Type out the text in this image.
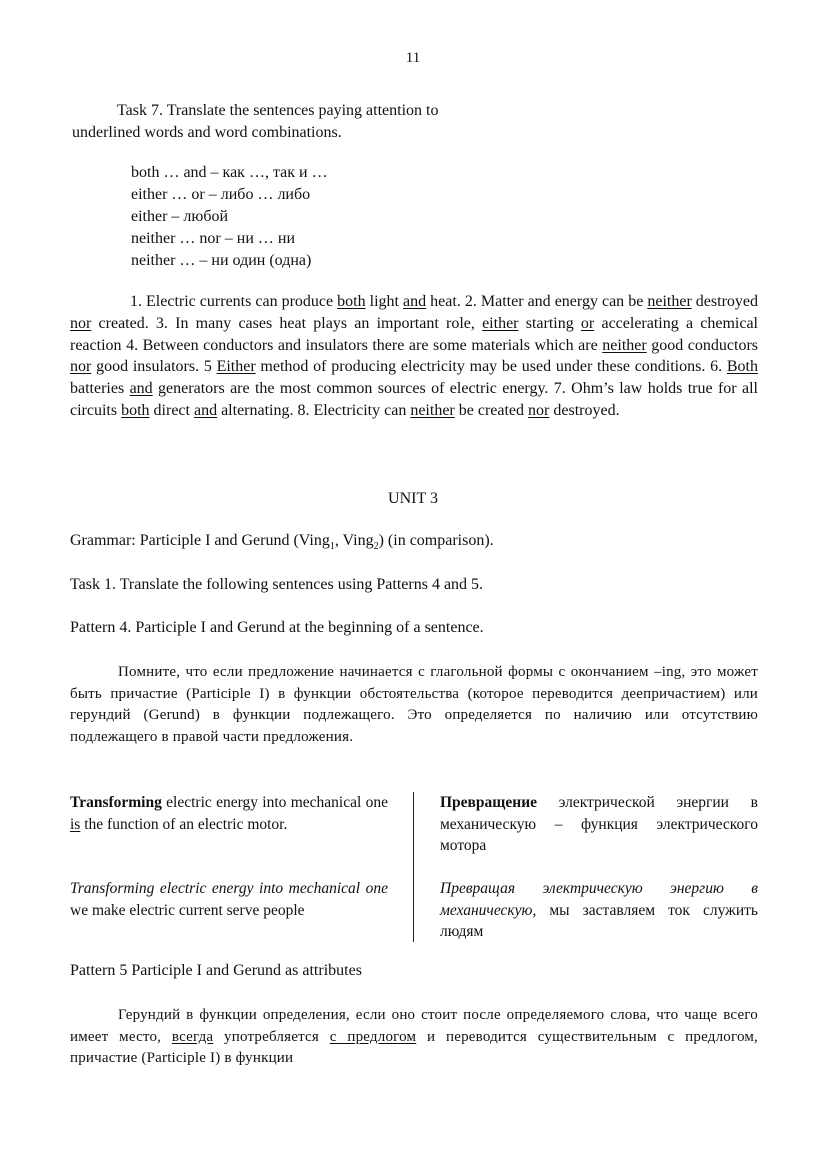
11
Task 7. Translate the sentences paying attention to
underlined words and word combinations.
both … and – как …, так и …
either … or – либо … либо
either – любой
neither … nor – ни … ни
neither … – ни один (одна)
1. Electric currents can produce both light and heat. 2. Matter and energy can be neither destroyed nor created. 3. In many cases heat plays an important role, either starting or accelerating a chemical reaction 4. Between conductors and insulators there are some materials which are neither good conductors nor good insulators. 5 Either method of producing electricity may be used under these conditions. 6. Both batteries and generators are the most common sources of electric energy. 7. Ohm’s law holds true for all circuits both direct and alternating. 8. Electricity can neither be created nor destroyed.
UNIT 3
Grammar: Participle I and Gerund (Ving$_1$, Ving$_2$) (in comparison).
Task 1. Translate the following sentences using Patterns 4 and 5.
Pattern 4. Participle I and Gerund at the beginning of a sentence.
Помните, что если предложение начинается с глагольной формы с окончанием –ing, это может быть причастие (Participle I) в функции обстоятельства (которое переводится деепричастием) или герундий (Gerund) в функции подлежащего. Это определяется по наличию или отсутствию подлежащего в правой части предложения.
Transforming electric energy into mechanical one is the function of an electric motor.
Превращение электрической энергии в механическую – функция электрического мотора
Transforming electric energy into mechanical one we make electric current serve people
Превращая электрическую энергию в механическую, мы заставляем ток служить людям
Pattern 5 Participle I and Gerund as attributes
Герундий в функции определения, если оно стоит после определяемого слова, что чаще всего имеет место, всегда употребляется с предлогом и переводится существительным с предлогом, причастие (Participle I) в функции
